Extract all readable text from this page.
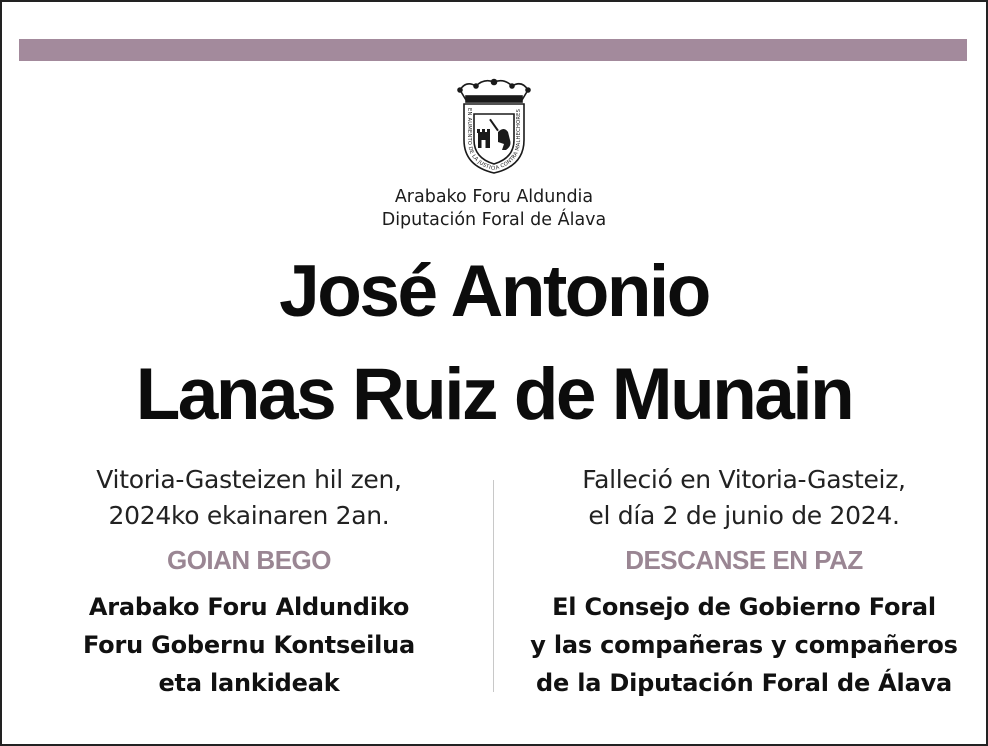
EN AUMENTO DE LA JUSTICIA CONTRA MALHECHORES
Arabako Foru Aldundia
Diputación Foral de Álava
José Antonio
Lanas Ruiz de Munain
Vitoria-Gasteizen hil zen,
2024ko ekainaren 2an.
GOIAN BEGO
Arabako Foru Aldundiko
Foru Gobernu Kontseilua
eta lankideak
Falleció en Vitoria-Gasteiz,
el día 2 de junio de 2024.
DESCANSE EN PAZ
El Consejo de Gobierno Foral
y las compañeras y compañeros
de la Diputación Foral de Álava
